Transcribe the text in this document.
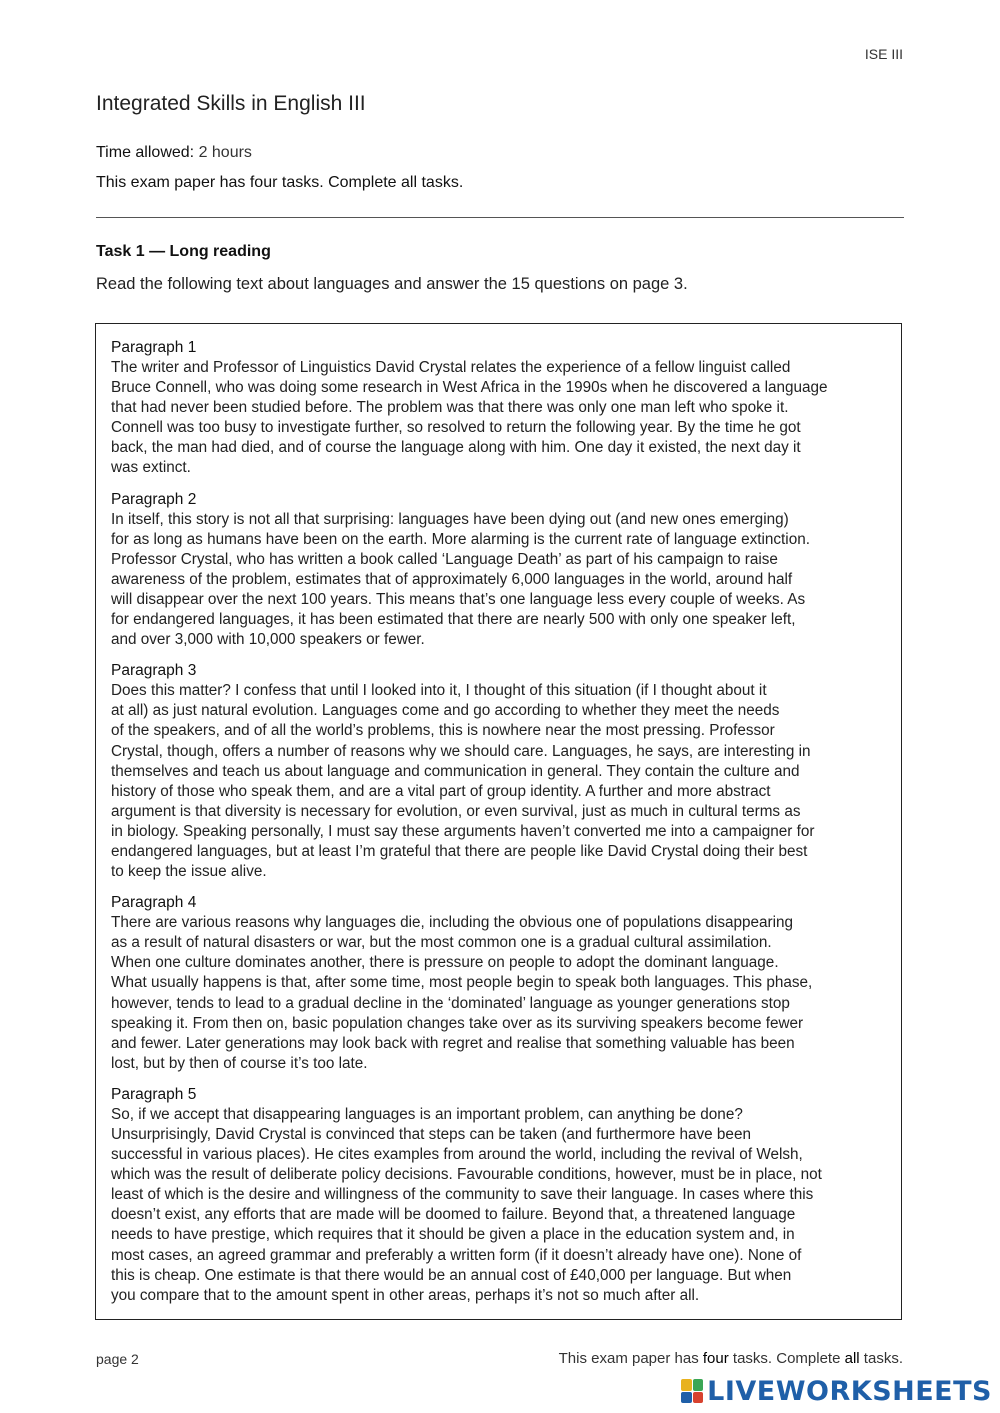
ISE III
Integrated Skills in English III
Time allowed: 2 hours
This exam paper has four tasks. Complete all tasks.
Task 1 — Long reading
Read the following text about languages and answer the 15 questions on page 3.
Paragraph 1
The writer and Professor of Linguistics David Crystal relates the experience of a fellow linguist called
Bruce Connell, who was doing some research in West Africa in the 1990s when he discovered a language
that had never been studied before. The problem was that there was only one man left who spoke it.
Connell was too busy to investigate further, so resolved to return the following year. By the time he got
back, the man had died, and of course the language along with him. One day it existed, the next day it
was extinct.
Paragraph 2
In itself, this story is not all that surprising: languages have been dying out (and new ones emerging)
for as long as humans have been on the earth. More alarming is the current rate of language extinction.
Professor Crystal, who has written a book called ‘Language Death’ as part of his campaign to raise
awareness of the problem, estimates that of approximately 6,000 languages in the world, around half
will disappear over the next 100 years. This means that’s one language less every couple of weeks. As
for endangered languages, it has been estimated that there are nearly 500 with only one speaker left,
and over 3,000 with 10,000 speakers or fewer.
Paragraph 3
Does this matter? I confess that until I looked into it, I thought of this situation (if I thought about it
at all) as just natural evolution. Languages come and go according to whether they meet the needs
of the speakers, and of all the world’s problems, this is nowhere near the most pressing. Professor
Crystal, though, offers a number of reasons why we should care. Languages, he says, are interesting in
themselves and teach us about language and communication in general. They contain the culture and
history of those who speak them, and are a vital part of group identity. A further and more abstract
argument is that diversity is necessary for evolution, or even survival, just as much in cultural terms as
in biology. Speaking personally, I must say these arguments haven’t converted me into a campaigner for
endangered languages, but at least I’m grateful that there are people like David Crystal doing their best
to keep the issue alive.
Paragraph 4
There are various reasons why languages die, including the obvious one of populations disappearing
as a result of natural disasters or war, but the most common one is a gradual cultural assimilation.
When one culture dominates another, there is pressure on people to adopt the dominant language.
What usually happens is that, after some time, most people begin to speak both languages. This phase,
however, tends to lead to a gradual decline in the ‘dominated’ language as younger generations stop
speaking it. From then on, basic population changes take over as its surviving speakers become fewer
and fewer. Later generations may look back with regret and realise that something valuable has been
lost, but by then of course it’s too late.
Paragraph 5
So, if we accept that disappearing languages is an important problem, can anything be done?
Unsurprisingly, David Crystal is convinced that steps can be taken (and furthermore have been
successful in various places). He cites examples from around the world, including the revival of Welsh,
which was the result of deliberate policy decisions. Favourable conditions, however, must be in place, not
least of which is the desire and willingness of the community to save their language. In cases where this
doesn’t exist, any efforts that are made will be doomed to failure. Beyond that, a threatened language
needs to have prestige, which requires that it should be given a place in the education system and, in
most cases, an agreed grammar and preferably a written form (if it doesn’t already have one). None of
this is cheap. One estimate is that there would be an annual cost of £40,000 per language. But when
you compare that to the amount spent in other areas, perhaps it’s not so much after all.
page 2	This exam paper has four tasks. Complete all tasks.
LIVEWORKSHEETS
